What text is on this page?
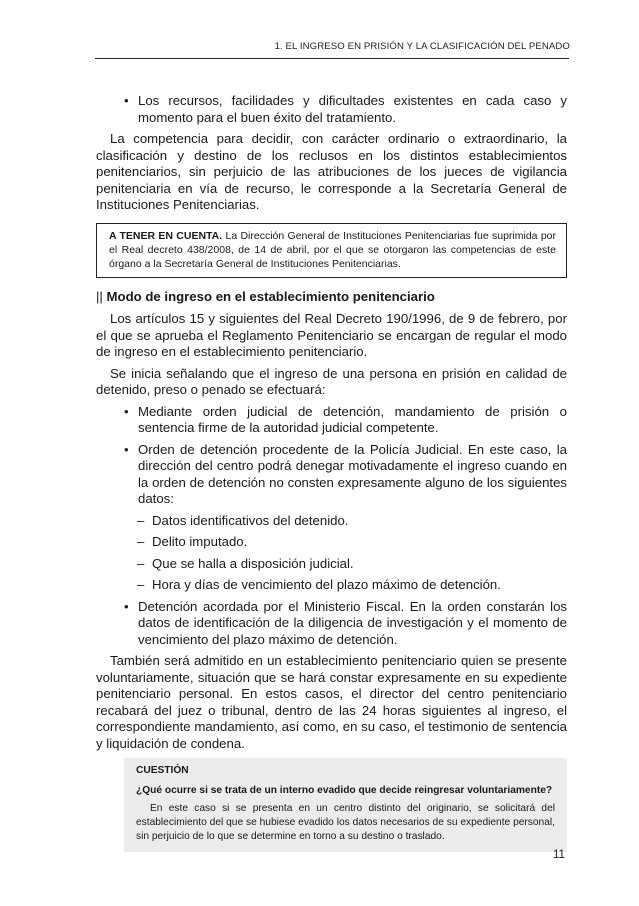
1. EL INGRESO EN PRISIÓN Y LA CLASIFICACIÓN DEL PENADO
• Los recursos, facilidades y dificultades existentes en cada caso y momento para el buen éxito del tratamiento.

La competencia para decidir, con carácter ordinario o extraordinario, la clasificación y destino de los reclusos en los distintos establecimientos penitenciarios, sin perjuicio de las atribuciones de los jueces de vigilancia penitenciaria en vía de recurso, le corresponde a la Secretaría General de Instituciones Penitenciarias.

A TENER EN CUENTA. La Dirección General de Instituciones Penitenciarias fue suprimida por el Real decreto 438/2008, de 14 de abril, por el que se otorgaron las competencias de este órgano a la Secretaría General de Instituciones Penitenciarias.
|| Modo de ingreso en el establecimiento penitenciario

Los artículos 15 y siguientes del Real Decreto 190/1996, de 9 de febrero, por el que se aprueba el Reglamento Penitenciario se encargan de regular el modo de ingreso en el establecimiento penitenciario.

Se inicia señalando que el ingreso de una persona en prisión en calidad de detenido, preso o penado se efectuará:

• Mediante orden judicial de detención, mandamiento de prisión o sentencia firme de la autoridad judicial competente.
• Orden de detención procedente de la Policía Judicial. En este caso, la dirección del centro podrá denegar motivadamente el ingreso cuando en la orden de detención no consten expresamente alguno de los siguientes datos:
– Datos identificativos del detenido.
– Delito imputado.
– Que se halla a disposición judicial.
– Hora y días de vencimiento del plazo máximo de detención.
• Detención acordada por el Ministerio Fiscal. En la orden constarán los datos de identificación de la diligencia de investigación y el momento de vencimiento del plazo máximo de detención.

También será admitido en un establecimiento penitenciario quien se presente voluntariamente, situación que se hará constar expresamente en su expediente penitenciario personal. En estos casos, el director del centro penitenciario recabará del juez o tribunal, dentro de las 24 horas siguientes al ingreso, el correspondiente mandamiento, así como, en su caso, el testimonio de sentencia y liquidación de condena.

CUESTIÓN
¿Qué ocurre si se trata de un interno evadido que decide reingresar voluntariamente?
En este caso si se presenta en un centro distinto del originario, se solicitará del establecimiento del que se hubiese evadido los datos necesarios de su expediente personal, sin perjuicio de lo que se determine en torno a su destino o traslado.
11
